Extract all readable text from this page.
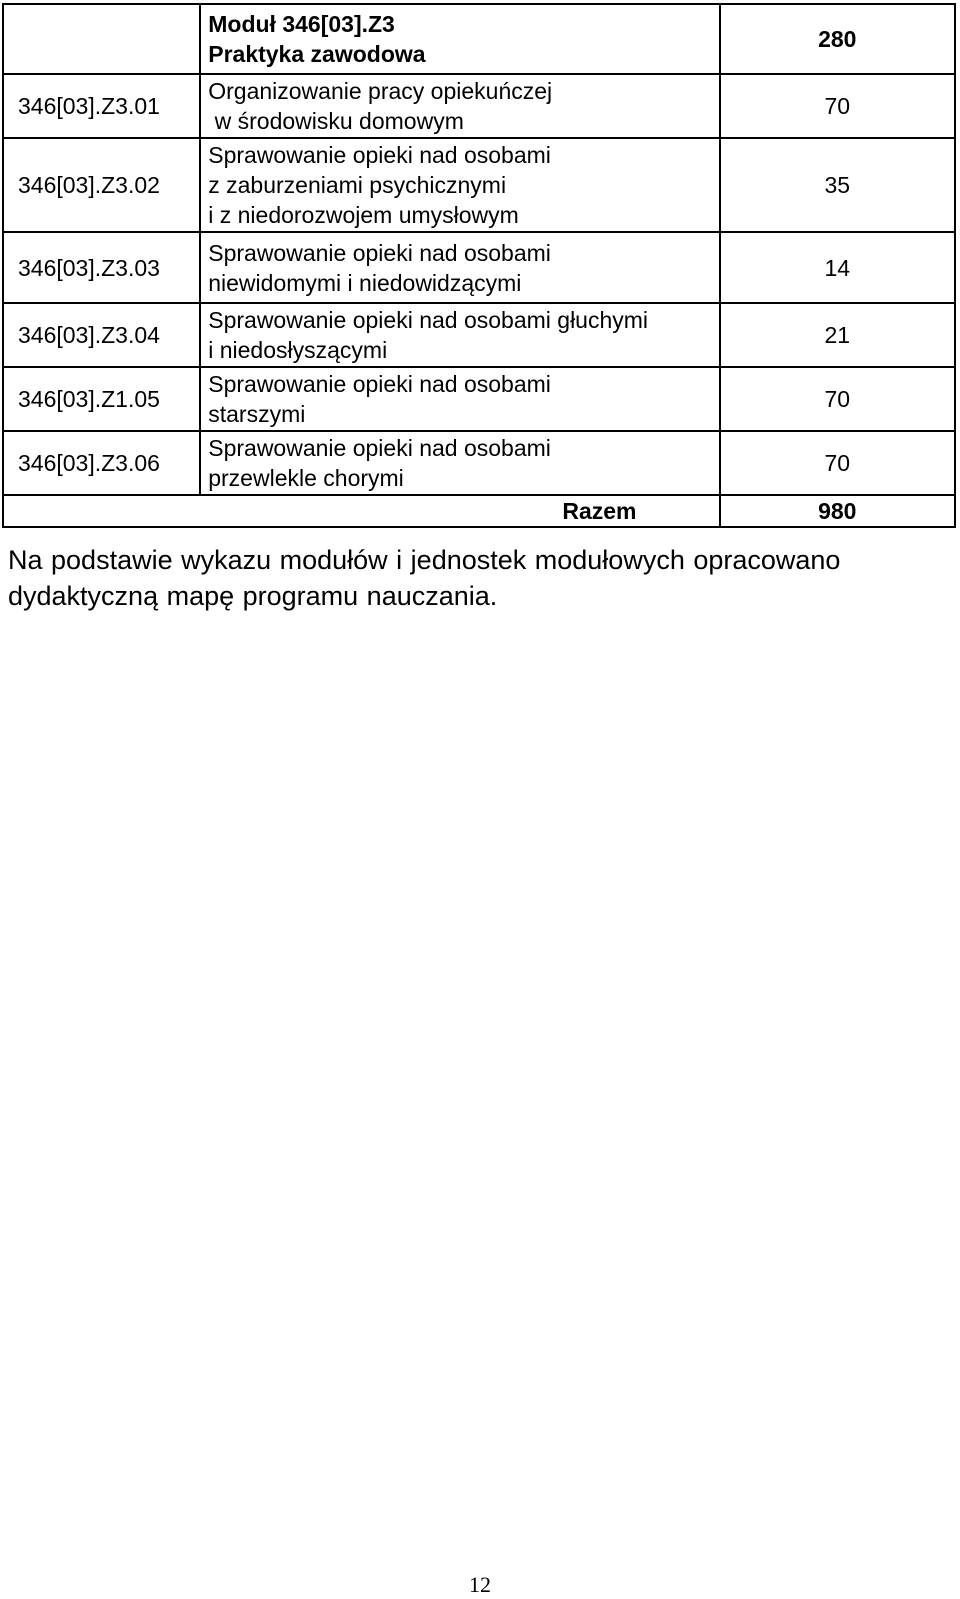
	Moduł 346[03].Z3
Praktyka zawodowa	280
346[03].Z3.01	Organizowanie pracy opiekuńczej
w środowisku domowym	70
346[03].Z3.02	Sprawowanie opieki nad osobami
z zaburzeniami psychicznymi
i z niedorozwojem umysłowym	35
346[03].Z3.03	Sprawowanie opieki nad osobami
niewidomymi i niedowidzącymi	14
346[03].Z3.04	Sprawowanie opieki nad osobami głuchymi
i niedosłyszącymi	21
346[03].Z1.05	Sprawowanie opieki nad osobami
starszymi	70
346[03].Z3.06	Sprawowanie opieki nad osobami
przewlekle chorymi	70
Razem		980

Na podstawie wykazu modułów i jednostek modułowych opracowano dydaktyczną mapę programu nauczania.

12
